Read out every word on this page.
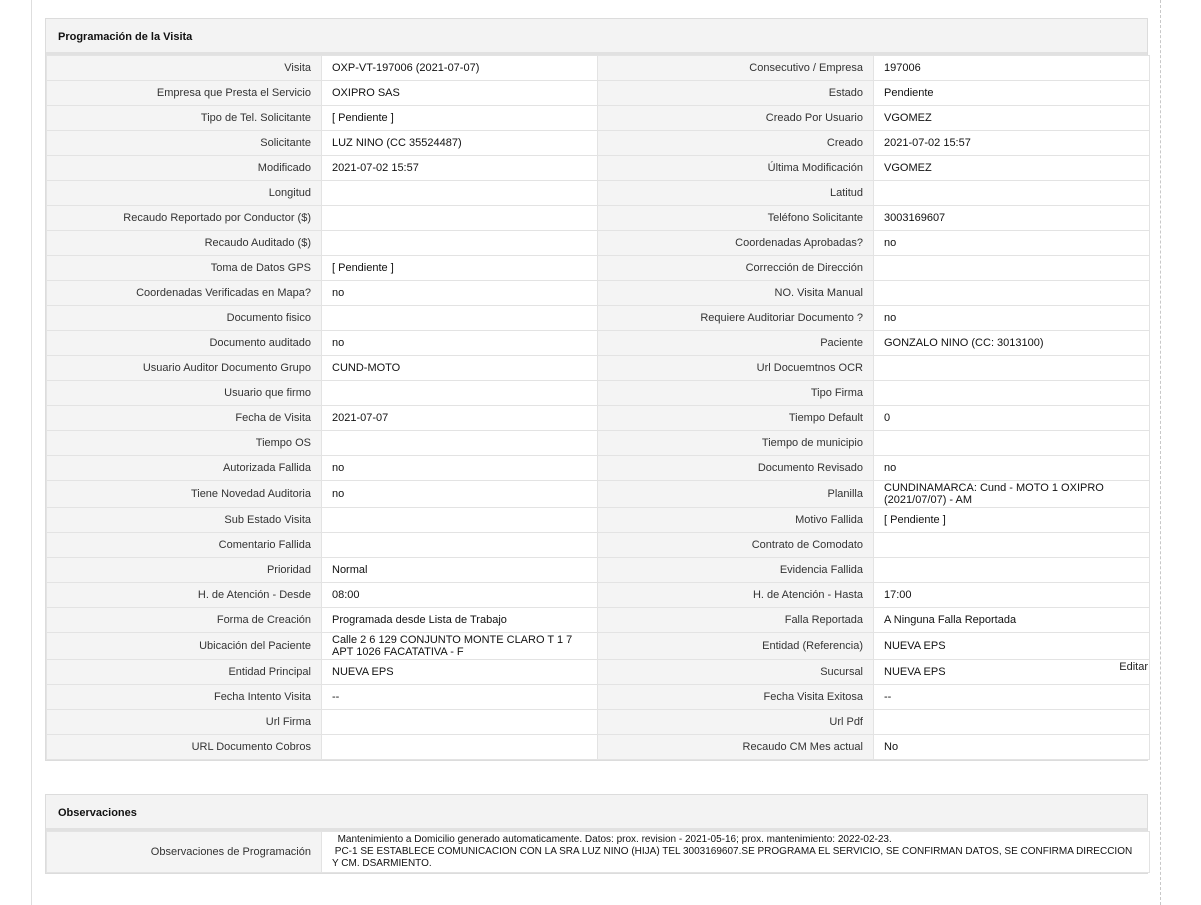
Programación de la Visita
Visita	OXP-VT-197006 (2021-07-07)	Consecutivo / Empresa	197006
Empresa que Presta el Servicio	OXIPRO SAS	Estado	Pendiente
Tipo de Tel. Solicitante	[ Pendiente ]	Creado Por Usuario	VGOMEZ
Solicitante	LUZ NINO (CC 35524487)	Creado	2021-07-02 15:57
Modificado	2021-07-02 15:57	Última Modificación	VGOMEZ
Longitud		Latitud	
Recaudo Reportado por Conductor ($)		Teléfono Solicitante	3003169607
Recaudo Auditado ($)		Coordenadas Aprobadas?	no
Toma de Datos GPS	[ Pendiente ]	Corrección de Dirección	
Coordenadas Verificadas en Mapa?	no	NO. Visita Manual	
Documento fisico		Requiere Auditoriar Documento ?	no
Documento auditado	no	Paciente	GONZALO NINO (CC: 3013100)
Usuario Auditor Documento Grupo	CUND-MOTO	Url Docuemtnos OCR	
Usuario que firmo		Tipo Firma	
Fecha de Visita	2021-07-07	Tiempo Default	0
Tiempo OS		Tiempo de municipio	
Autorizada Fallida	no	Documento Revisado	no
Tiene Novedad Auditoria	no	Planilla	CUNDINAMARCA: Cund - MOTO 1 OXIPRO (2021/07/07) - AM
Sub Estado Visita		Motivo Fallida	[ Pendiente ]
Comentario Fallida		Contrato de Comodato	
Prioridad	Normal	Evidencia Fallida	
H. de Atención - Desde	08:00	H. de Atención - Hasta	17:00
Forma de Creación	Programada desde Lista de Trabajo	Falla Reportada	A Ninguna Falla Reportada
Ubicación del Paciente	Calle 2 6 129 CONJUNTO MONTE CLARO T 1 7 APT 1026 FACATATIVA - F	Entidad (Referencia)	NUEVA EPS
Entidad Principal	NUEVA EPS	Sucursal	NUEVA EPS Editar

Fecha Intento Visita	--	Fecha Visita Exitosa	--
Url Firma		Url Pdf	
URL Documento Cobros		Recaudo CM Mes actual	No
Observaciones
Observaciones de Programación	
Mantenimiento a Domicilio generado automaticamente. Datos: prox. revision - 2021-05-16; prox. mantenimiento: 2022-02-23.
PC-1 SE ESTABLECE COMUNICACION CON LA SRA LUZ NINO (HIJA) TEL 3003169607.SE PROGRAMA EL SERVICIO, SE CONFIRMAN DATOS, SE CONFIRMA DIRECCION Y CM. DSARMIENTO.
